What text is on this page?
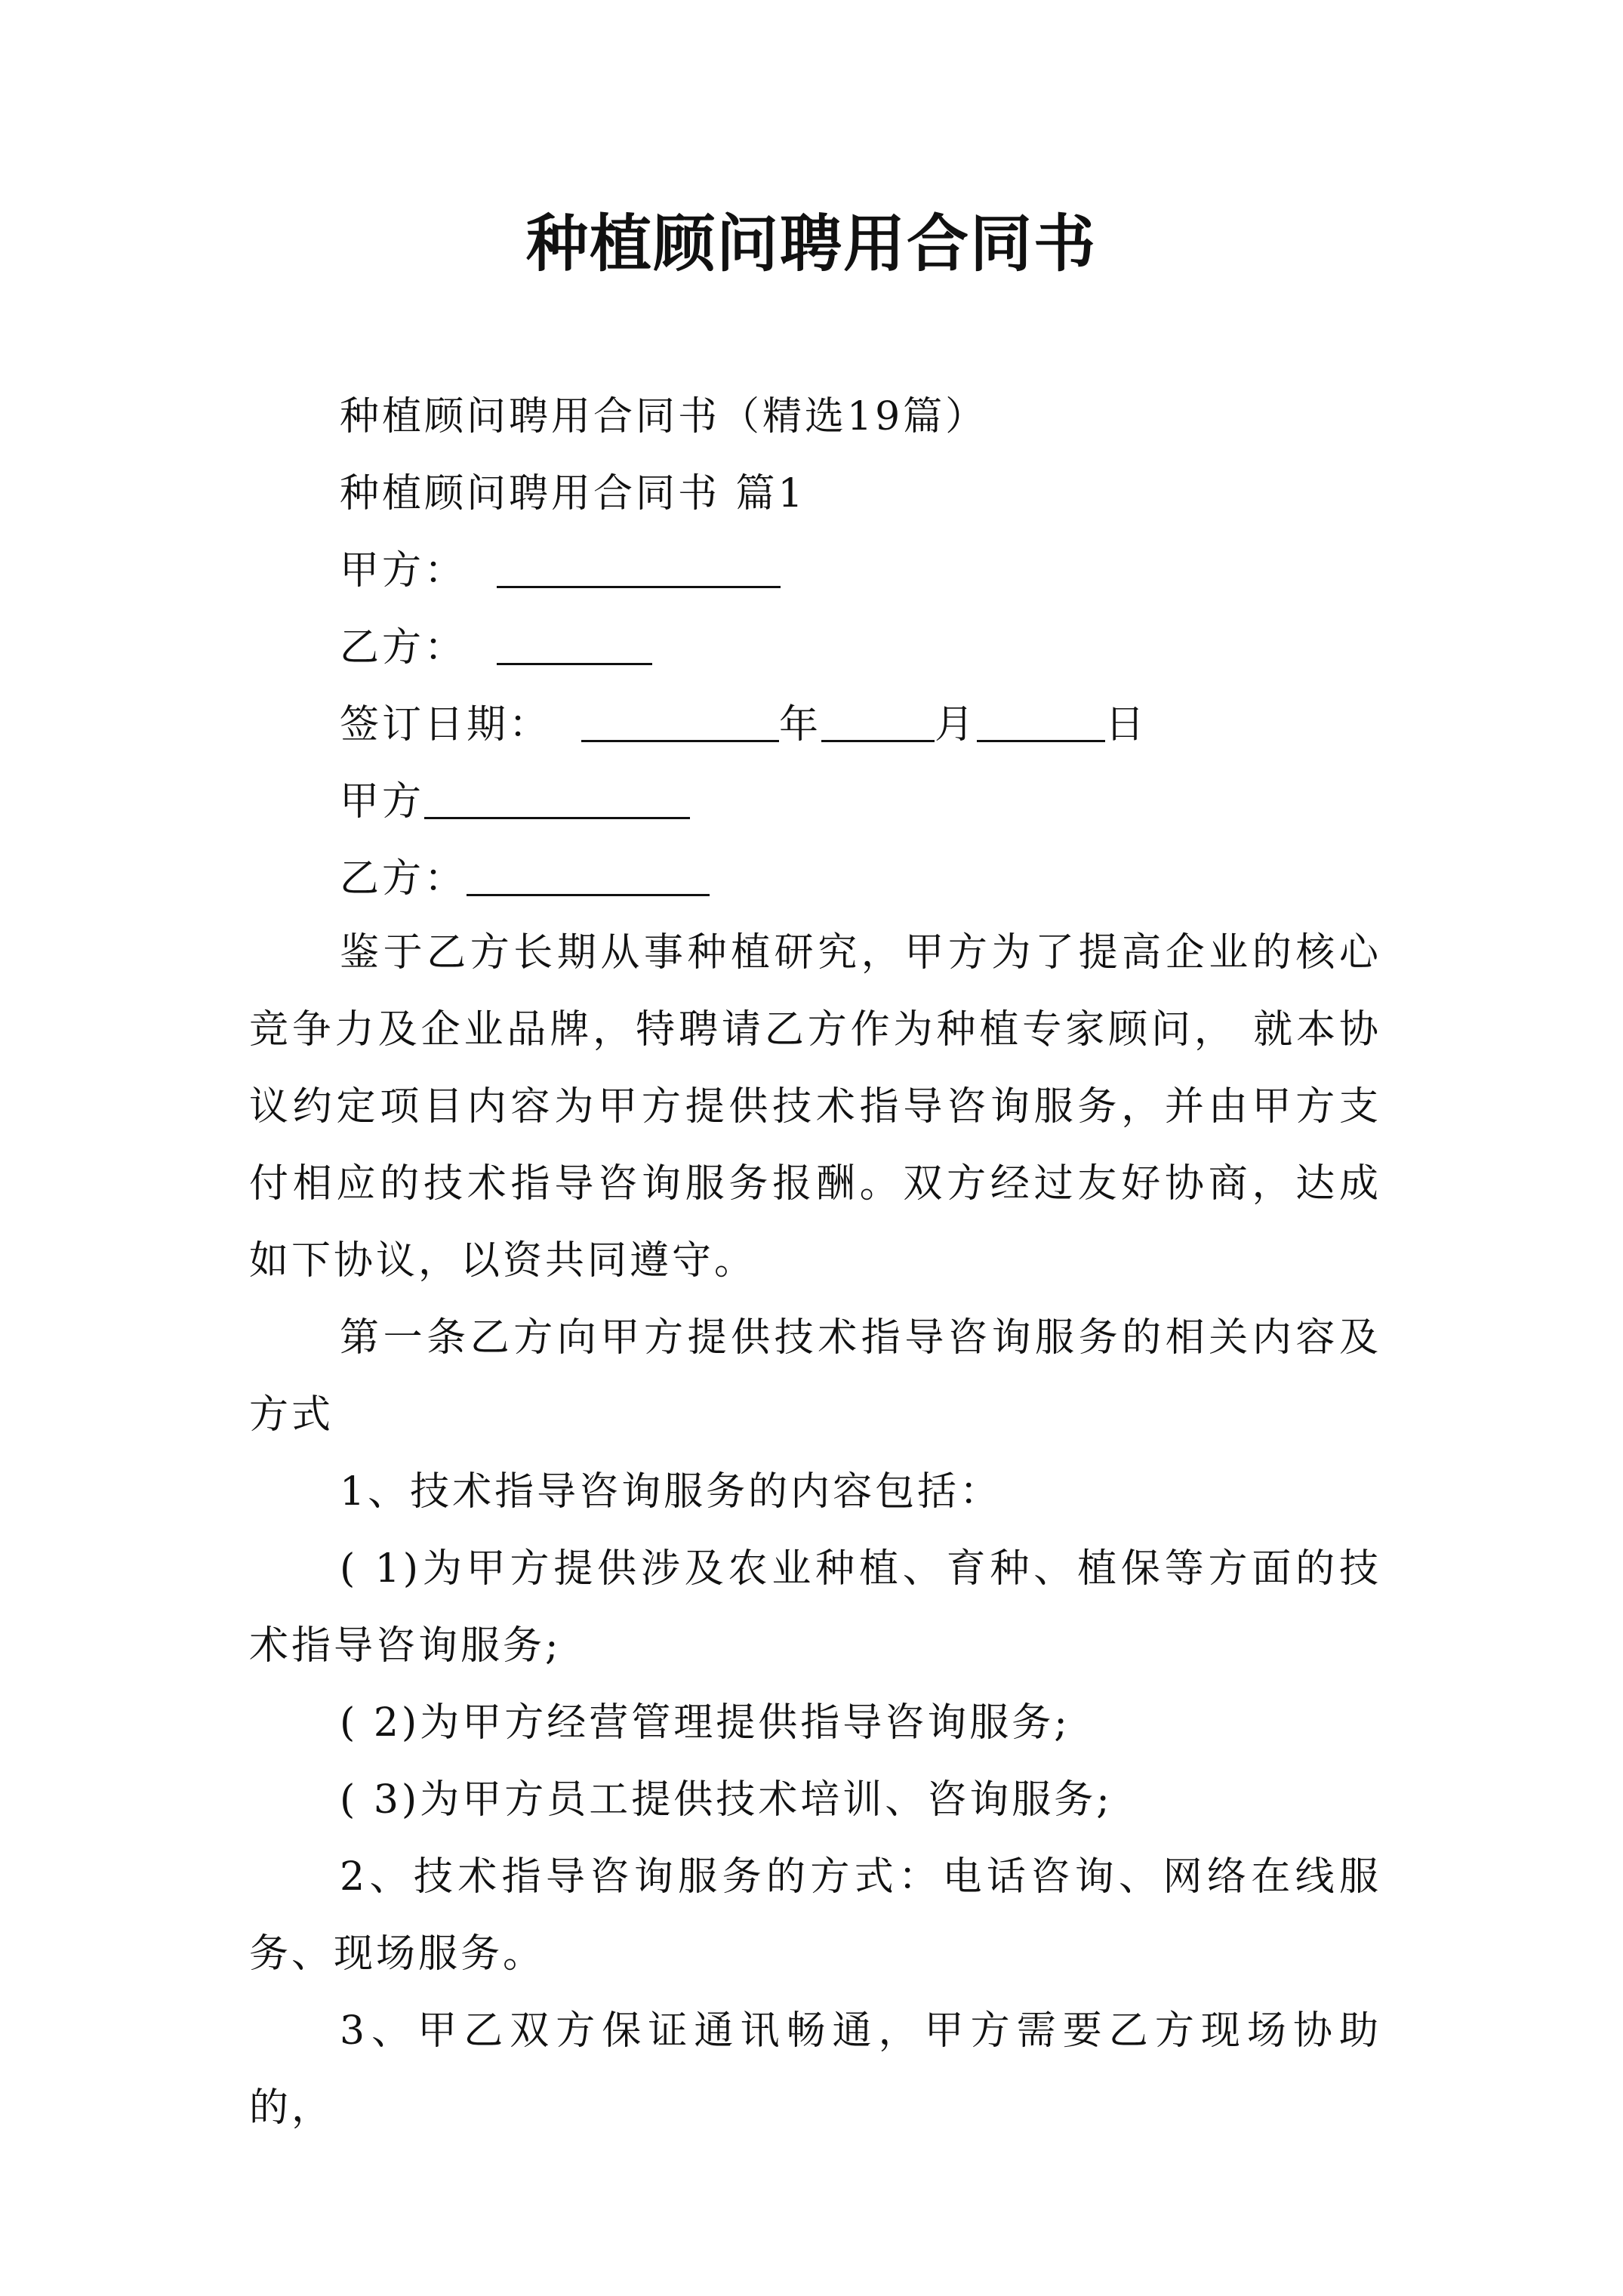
种植顾问聘用合同书
种植顾问聘用合同书（精选19篇）
种植顾问聘用合同书 篇1
甲方：
乙方：
签订日期：	年	月	日
甲方
乙方：

鉴于乙方长期从事种植研究，甲方为了提高企业的核心竞争力及企业品牌，特聘请乙方作为种植专家顾问， 就本协议约定项目内容为甲方提供技术指导咨询服务，并由甲方支付相应的技术指导咨询服务报酬。双方经过友好协商，达成如下协议，以资共同遵守。

第一条乙方向甲方提供技术指导咨询服务的相关内容及方式

1、技术指导咨询服务的内容包括：

( 1)为甲方提供涉及农业种植、育种、植保等方面的技术指导咨询服务;

( 2)为甲方经营管理提供指导咨询服务;

( 3)为甲方员工提供技术培训、咨询服务;

2、技术指导咨询服务的方式：电话咨询、网络在线服务、现场服务。

3、甲乙双方保证通讯畅通，甲方需要乙方现场协助的，
